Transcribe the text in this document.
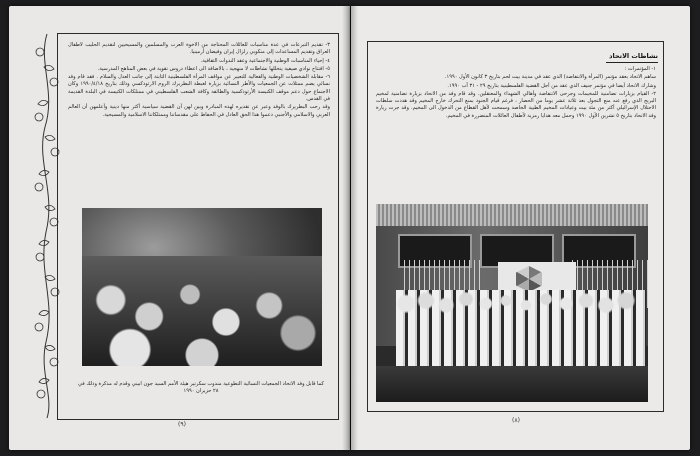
٣- تقديم التبرعات في عدة مناسبات للعائلات المحتاجة من الأخوة العرب والمسلمين والمسيحيين لتقديم الحليب لأطفال العراق وتقديم المساعدات إلى منكوبي زلزال إيران وفيضان أرمينيا.

٤- إحياء المناسبات الوطنية والاجتماعية وعقد الندوات الثقافية.

٥- افتتاح نوادي صيفية يتخللها نشاطات لا منهجية ، بالاضافة الى اعطاء دروس تقوية في بعض المناهج المدرسية.

٦- مقابلة الشخصيات الوطنية والفعالية للتعبير عن مواقف المرأة الفلسطينية الثابتة إلى جانب العدل والسلام . فقد قام وفد نسائي يضم ممثلات عن الجمعيات والأطر النسائية بزيارة لغبطة البطريرك الروم الارثوذكسي وذلك بتاريخ ١٩٩٠/٤/١٨ وكان الاجتماع حول دعم موقف الكنيسة الأرثوذكسية والطائفة وكافة الشعب الفلسطيني في ممتلكات الكنيسة في البلدة القديمة في القدس.

وقد رحب البطريرك بالوفد وعبر عن تقديره لهذه المبادرة وبين لهن أن القضية سياسية أكثر منها دينية وأعلمهن أن العالم العربي والاسلامي والأجنبي دعموا هذا الحق العادل في الحفاظ على مقدساتنا وممتلكاتنا الاسلامية والمسيحية.

كما قابل وفد الاتحاد الجمعيات النسائية التطوعية مندوب سكرتير هيئة الأمم السيد جون ابيني وقدم له مذكرة وذلك في ٢٨ حزيران ١٩٩٠
(٩)
نشاطات الاتحاد

١- المؤتمرات :

ساهم الاتحاد بعقد مؤتمر (المرأة والانتفاضة) الذي عقد في مدينة بيت لحم بتاريخ ٣ كانون الأول ١٩٩٠.

وشارك الاتحاد أيضا في مؤتمر جنيف الذي عقد من أجل القضية الفلسطينية بتاريخ ٢٩ - ٣١ آب ١٩٩٠.

٢- القيام بزيارات تضامنية للمخيمات وجرحى الانتفاضة وأهالي الشهداء والمعتقلين. وقد قام وفد من الاتحاد بزيارة تضامنية لمخيم البريج الذي رفع عنه منع التجول بعد ثلاثة عشر يوما من الحصار ، فرغم قيام الجنود بمنع التحرك خارج المخيم وقد هددت سلطات الاحتلال الإسرائيلي أكثر من مئة بيت وعيادات المخيم الطبية الخاصة وسمحت لأهل القطاع من الدخول الى المخيم. وقد جرت زيارة وفد الاتحاد بتاريخ ٥ تشرين الأول ١٩٩٠ وحمل معه هدايا رمزية لأطفال العائلات المتضررة في المخيم.

(٨)
